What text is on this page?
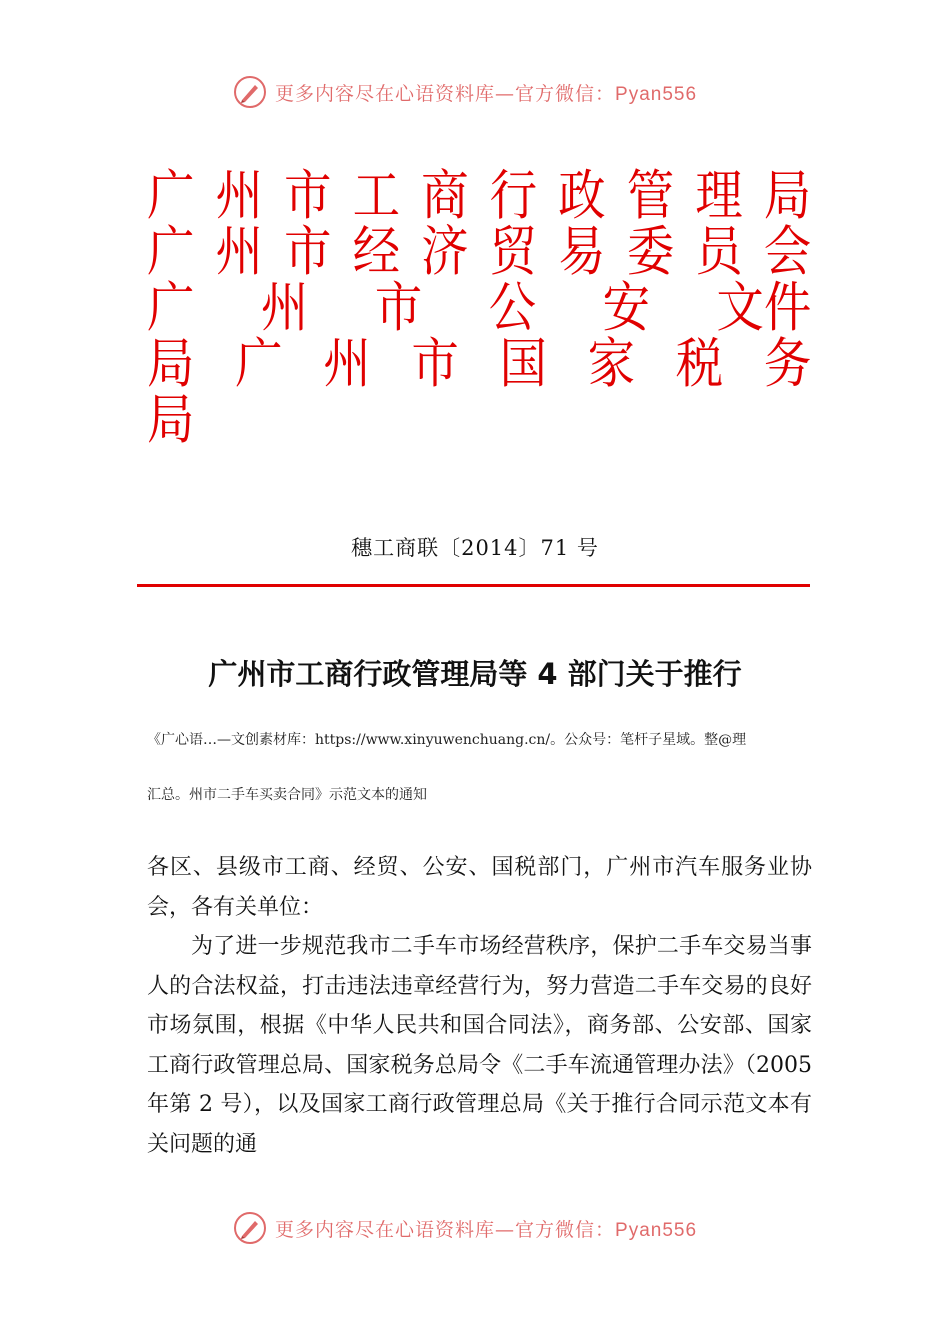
更多内容尽在心语资料库—官方微信：Pyan556
广 州 市 工 商 行 政 管 理 局
广 州 市 经 济 贸 易 委 员 会
广 州 市 公 安 文件
局 广 州 市 国 家 税 务
局
穗工商联〔2014〕71 号
广州市工商行政管理局等 4 部门关于推行
《广心语…—文创素材库：https://www.xinyuwenchuang.cn/。公众号：笔杆子星域。整@理
汇总。州市二手车买卖合同》示范文本的通知

各区、县级市工商、经贸、公安、国税部门，广州市汽车服务业协会，各有关单位：

为了进一步规范我市二手车市场经营秩序，保护二手车交易当事人的合法权益，打击违法违章经营行为，努力营造二手车交易的良好市场氛围，根据《中华人民共和国合同法》，商务部、公安部、国家工商行政管理总局、国家税务总局令《二手车流通管理办法》（2005 年第 2 号），以及国家工商行政管理总局《关于推行合同示范文本有关问题的通

更多内容尽在心语资料库—官方微信：Pyan556
